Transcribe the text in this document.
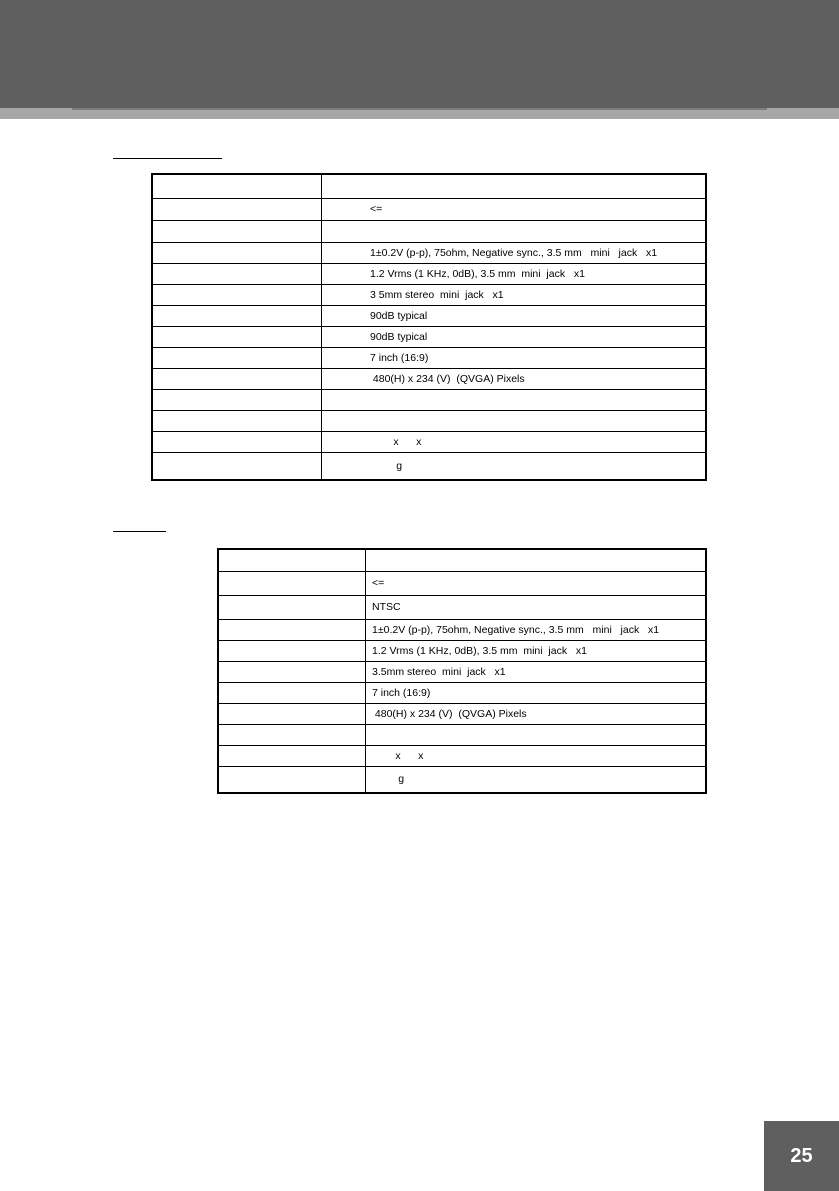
	<=

	1±0.2V (p-p), 75ohm, Negative sync., 3.5 mm   mini   jack   x1
	1.2 Vrms (1 KHz, 0dB), 3.5 mm  mini  jack   x1
	3 5mm stereo  mini  jack   x1
	90dB typical
	90dB typical
	7 inch (16:9)
	480(H) x 234 (V)  (QVGA) Pixels

	x      x
	g

	<=
	NTSC
	1±0.2V (p-p), 75ohm, Negative sync., 3.5 mm   mini   jack   x1
	1.2 Vrms (1 KHz, 0dB), 3.5 mm  mini  jack   x1
	3.5mm stereo  mini  jack   x1
	7 inch (16:9)
	480(H) x 234 (V)  (QVGA) Pixels

	x      x
	g
25
